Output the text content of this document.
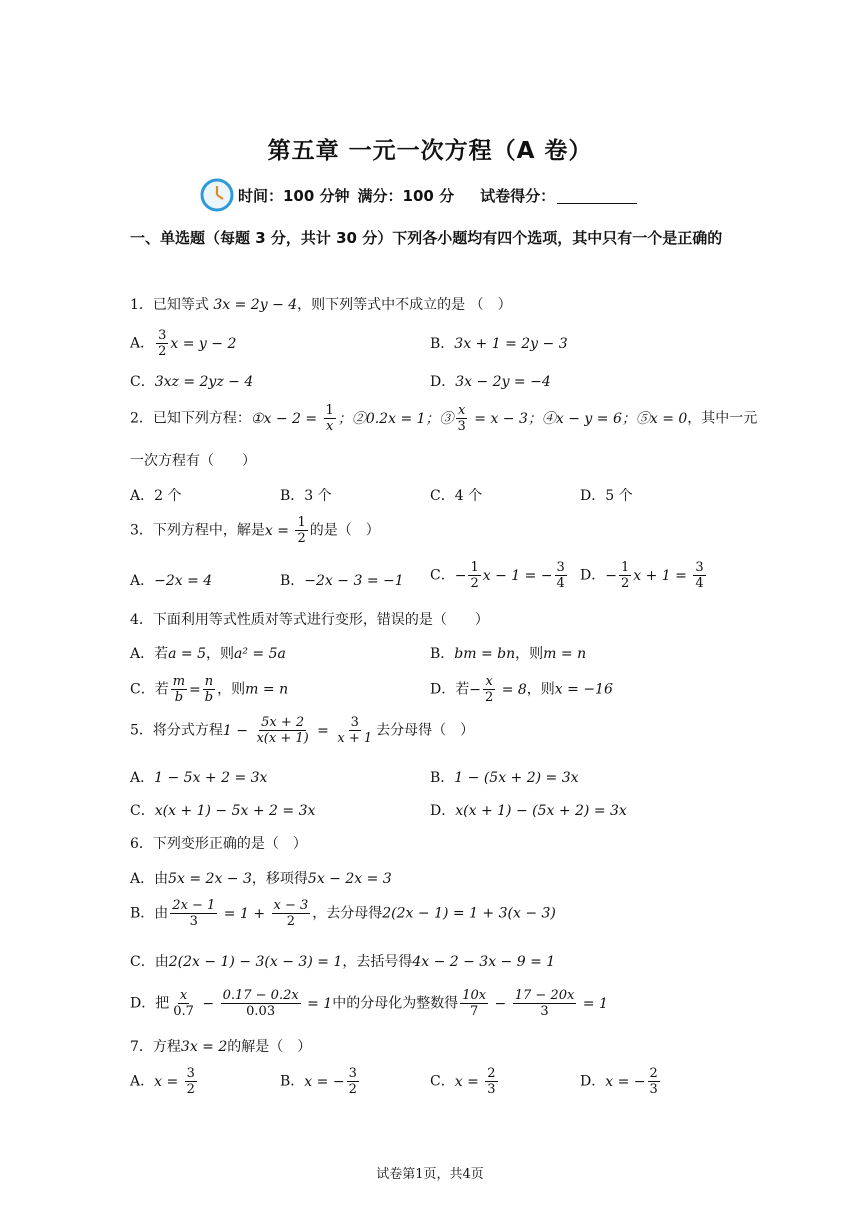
第五章 一元一次方程（A 卷）
时间：100 分钟 满分：100 分 试卷得分：
一、单选题（每题 3 分，共计 30 分）下列各小题均有四个选项，其中只有一个是正确的
1．已知等式 3x = 2y − 4，则下列等式中不成立的是 （　）
A． $\frac{3}{2}$ x = y − 2	B．3x + 1 = 2y − 3
C．3xz = 2yz − 4	D．3x − 2y = −4
2．已知下列方程：①x − $2 = \frac{1}{x}$ ；②0.2x = 1；③ $\frac{x}{3} = x - 3$；④x − y = 6；⑤x = 0，其中一元
一次方程有（　　）
A．2 个	B．3 个	C．4 个	D．5 个
3．下列方程中，解是$x = \frac{1}{2}$ 的是（　）
A．−2x = 4	B．−2x − 3 = −1 C．− $\frac{1}{2}$ x − 1 = − $\frac{3}{4}$ D．− $\frac{1}{2}$ $x + 1 = \frac{3}{4}$
4．下面利用等式性质对等式进行变形，错误的是（　　）
A．若a = 5，则a² = 5a	B．bm = bn，则m = n
C．若 $\frac{m}{b} = \frac{n}{b}$ ，则m = n	D．若− $\frac{x}{2} = 8$，则x = −16
5．将分式方程$1 - \frac{5x + 2}{x(x + 1)} = \frac{3}{x + 1}$ 去分母得（　）
A．1 − 5x + 2 = 3x	B．1 − (5x + 2) = 3x
C．x(x + 1) − 5x + 2 = 3x	D．x(x + 1) − (5x + 2) = 3x
6．下列变形正确的是（　）
A．由5x = 2x − 3，移项得5x − 2x = 3
B．由 $\frac{2x - 1}{3} = 1 + \frac{x - 3}{2}$ ，去分母得2(2x − 1) = 1 + 3(x − 3)
C．由2(2x − 1) − 3(x − 3) = 1，去括号得4x − 2 − 3x − 9 = 1
D．把 $\frac{x}{0.7} - \frac{0.17 - 0.2x}{0.03} = 1$中的分母化为整数得 $\frac{10x}{7} - \frac{17 - 20x}{3} = 1$
7．方程3x = 2的解是（　）
A．$x = \frac{3}{2}$	B．x = − $\frac{3}{2}$	C．$x = \frac{2}{3}$	D．x = − $\frac{2}{3}$
试卷第1页，共4页
